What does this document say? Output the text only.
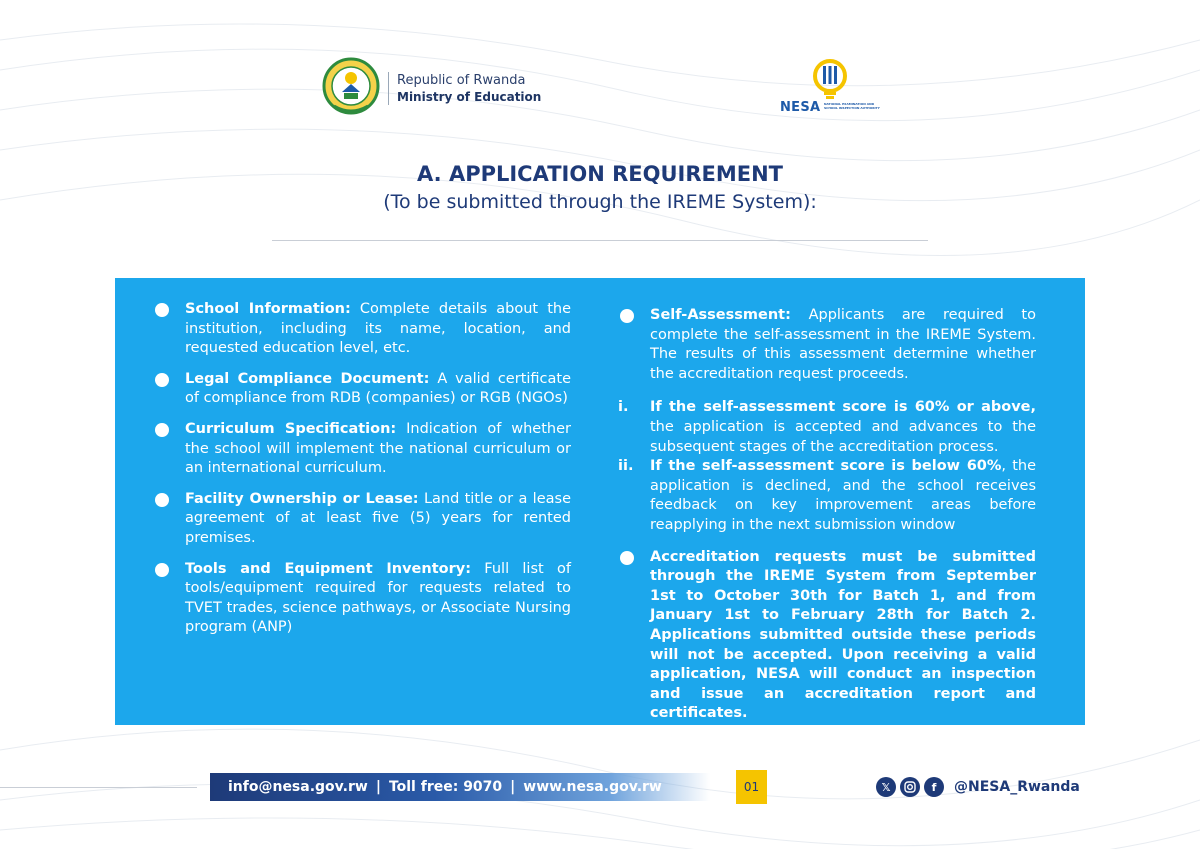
Republic of Rwanda
Ministry of Education
NESA NATIONAL EXAMINATION AND SCHOOL INSPECTION AUTHORITY
A. APPLICATION REQUIREMENT
(To be submitted through the IREME System):
School Information: Complete details about the institution, including its name, location, and requested education level, etc.
Legal Compliance Document: A valid certificate of compliance from RDB (companies) or RGB (NGOs)
Curriculum Specification: Indication of whether the school will implement the national curriculum or an international curriculum.
Facility Ownership or Lease: Land title or a lease agreement of at least five (5) years for rented premises.
Tools and Equipment Inventory: Full list of tools/equipment required for requests related to TVET trades, science pathways, or Associate Nursing program (ANP)
Self-Assessment: Applicants are required to complete the self-assessment in the IREME System. The results of this assessment determine whether the accreditation request proceeds.
i. If the self-assessment score is 60% or above, the application is accepted and advances to the subsequent stages of the accreditation process.
ii. If the self-assessment score is below 60%, the application is declined, and the school receives feedback on key improvement areas before reapplying in the next submission window
Accreditation requests must be submitted through the IREME System from September 1st to October 30th for Batch 1, and from January 1st to February 28th for Batch 2. Applications submitted outside these periods will not be accepted. Upon receiving a valid application, NESA will conduct an inspection and issue an accreditation report and certificates.
info@nesa.gov.rw | Toll free: 9070 | www.nesa.gov.rw	01	𝕏	f	@NESA_Rwanda
